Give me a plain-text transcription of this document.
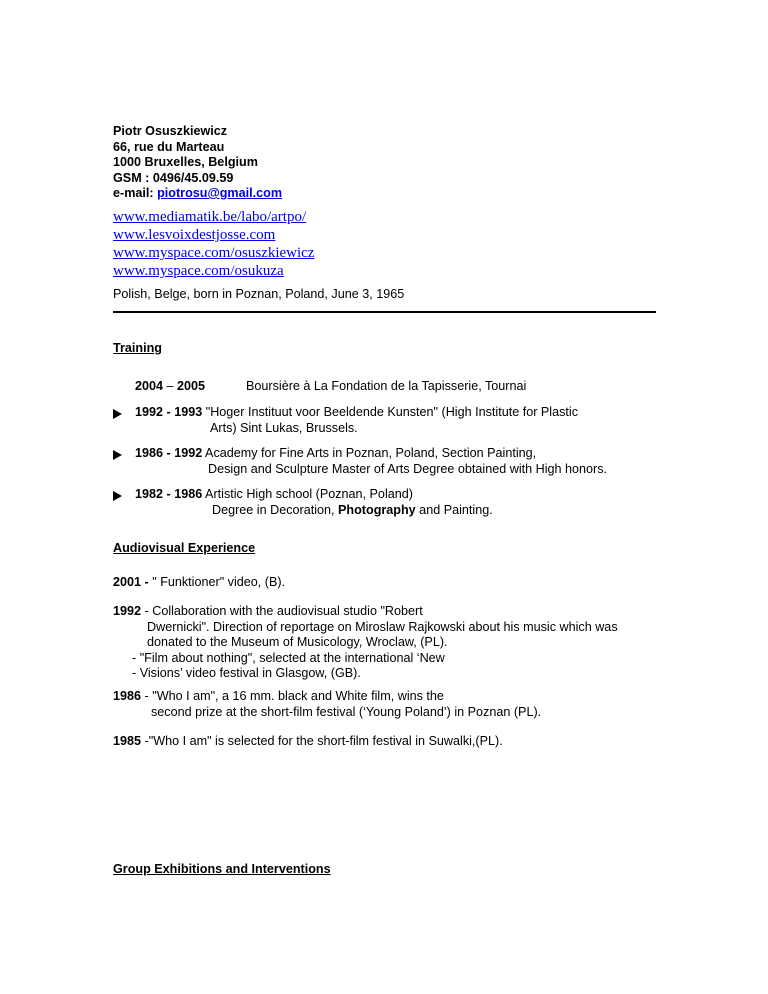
Piotr Osuszkiewicz
66, rue du Marteau
1000 Bruxelles, Belgium
GSM : 0496/45.09.59
e-mail: piotrosu@gmail.com
www.mediamatik.be/labo/artpo/
www.lesvoixdestjosse.com
www.myspace.com/osuszkiewicz
www.myspace.com/osukuza
Polish, Belge, born in Poznan, Poland, June 3, 1965
Training
2004 – 2005	Boursière à La Fondation de la Tapisserie, Tournai
1992 - 1993 "Hoger Instituut voor Beeldende Kunsten" (High Institute for Plastic
Arts) Sint Lukas, Brussels.
1986 - 1992 Academy for Fine Arts in Poznan, Poland, Section Painting,
Design and Sculpture Master of Arts Degree obtained with High honors.
1982 - 1986 Artistic High school (Poznan, Poland)
Degree in Decoration, Photography and Painting.
Audiovisual Experience
2001 - " Funktioner" video, (B).
1992 - Collaboration with the audiovisual studio "Robert
Dwernicki". Direction of reportage on Miroslaw Rajkowski about his music which was
donated to the Museum of Musicology, Wroclaw, (PL).
- "Film about nothing", selected at the international ‘New
- Visions’ video festival in Glasgow, (GB).
1986 - "Who I am", a 16 mm. black and White film, wins the
second prize at the short-film festival (‘Young Poland’) in Poznan (PL).
1985 -"Who I am" is selected for the short-film festival in Suwalki,(PL).
Group Exhibitions and Interventions
